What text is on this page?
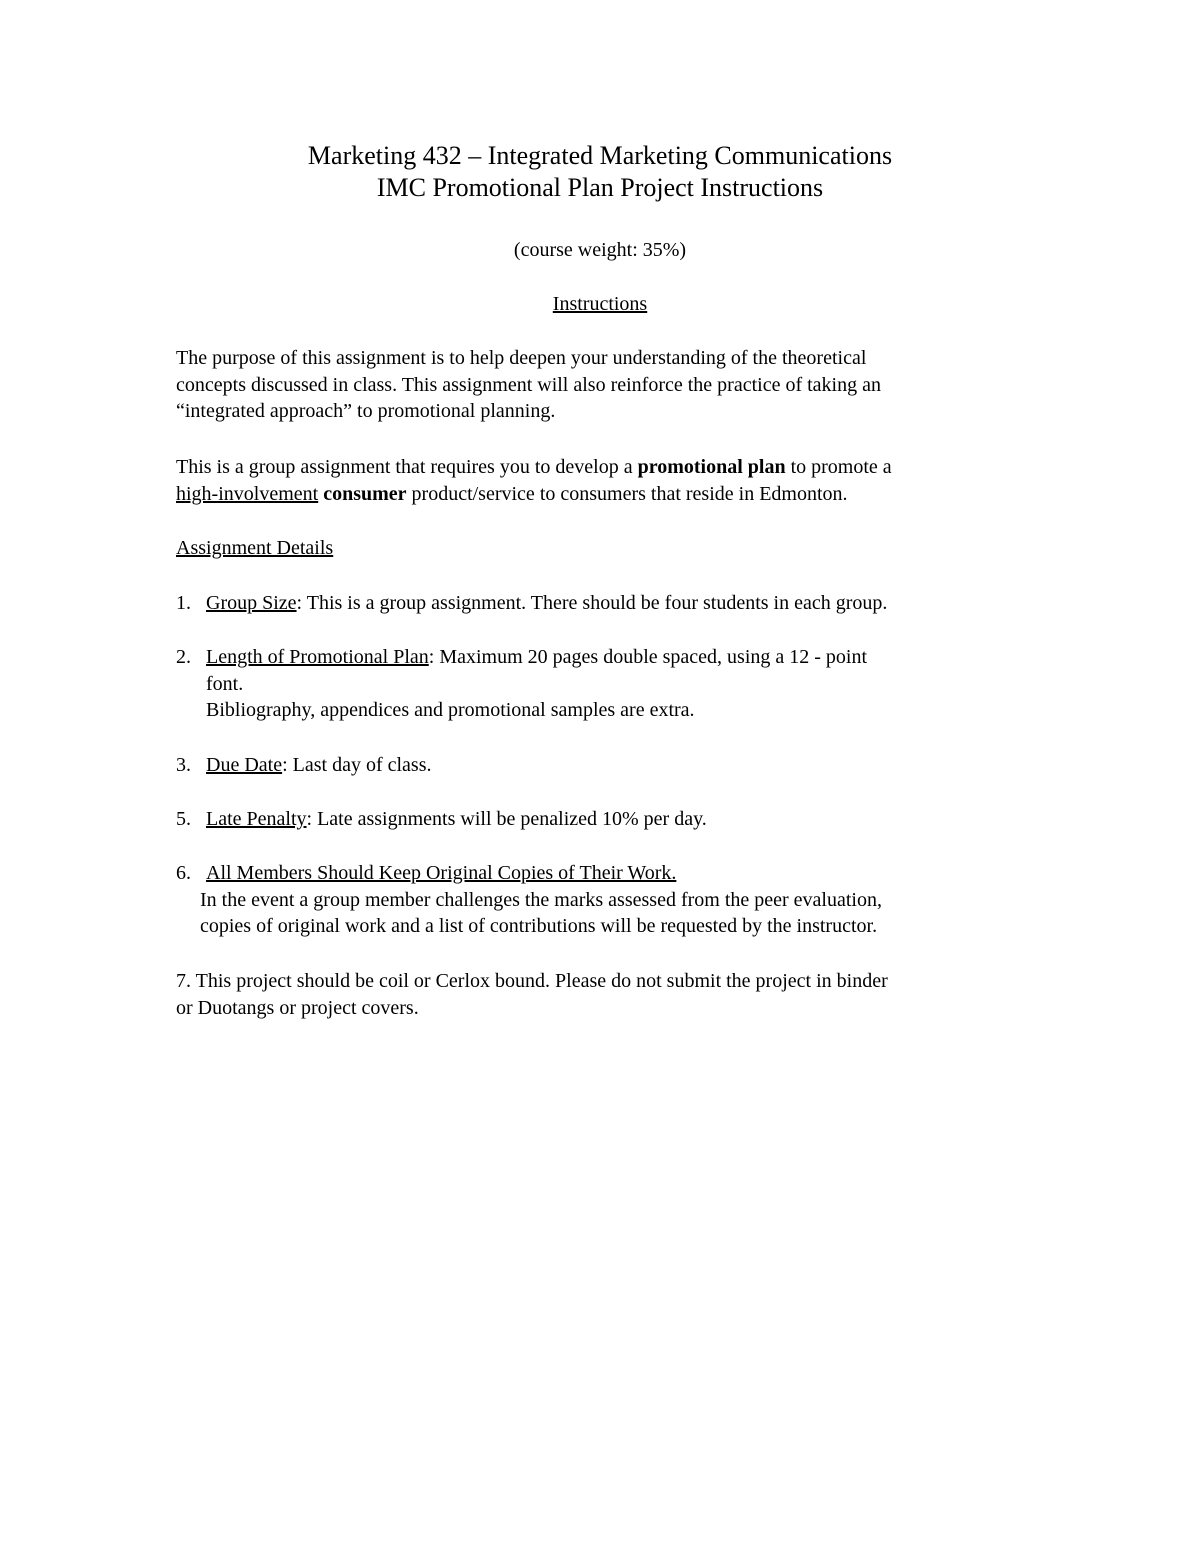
Marketing 432 – Integrated Marketing Communications
IMC Promotional Plan Project Instructions
(course weight: 35%)
Instructions
The purpose of this assignment is to help deepen your understanding of the theoretical
concepts discussed in class. This assignment will also reinforce the practice of taking an
“integrated approach” to promotional planning.
This is a group assignment that requires you to develop a promotional plan to promote a
high-involvement consumer product/service to consumers that reside in Edmonton.
Assignment Details
1. Group Size: This is a group assignment. There should be four students in each group.
2. Length of Promotional Plan: Maximum 20 pages double spaced, using a 12 - point
font.
Bibliography, appendices and promotional samples are extra.
3. Due Date: Last day of class.
5. Late Penalty: Late assignments will be penalized 10% per day.
6. All Members Should Keep Original Copies of Their Work.
In the event a group member challenges the marks assessed from the peer evaluation,
copies of original work and a list of contributions will be requested by the instructor.
7. This project should be coil or Cerlox bound. Please do not submit the project in binder
or Duotangs or project covers.
